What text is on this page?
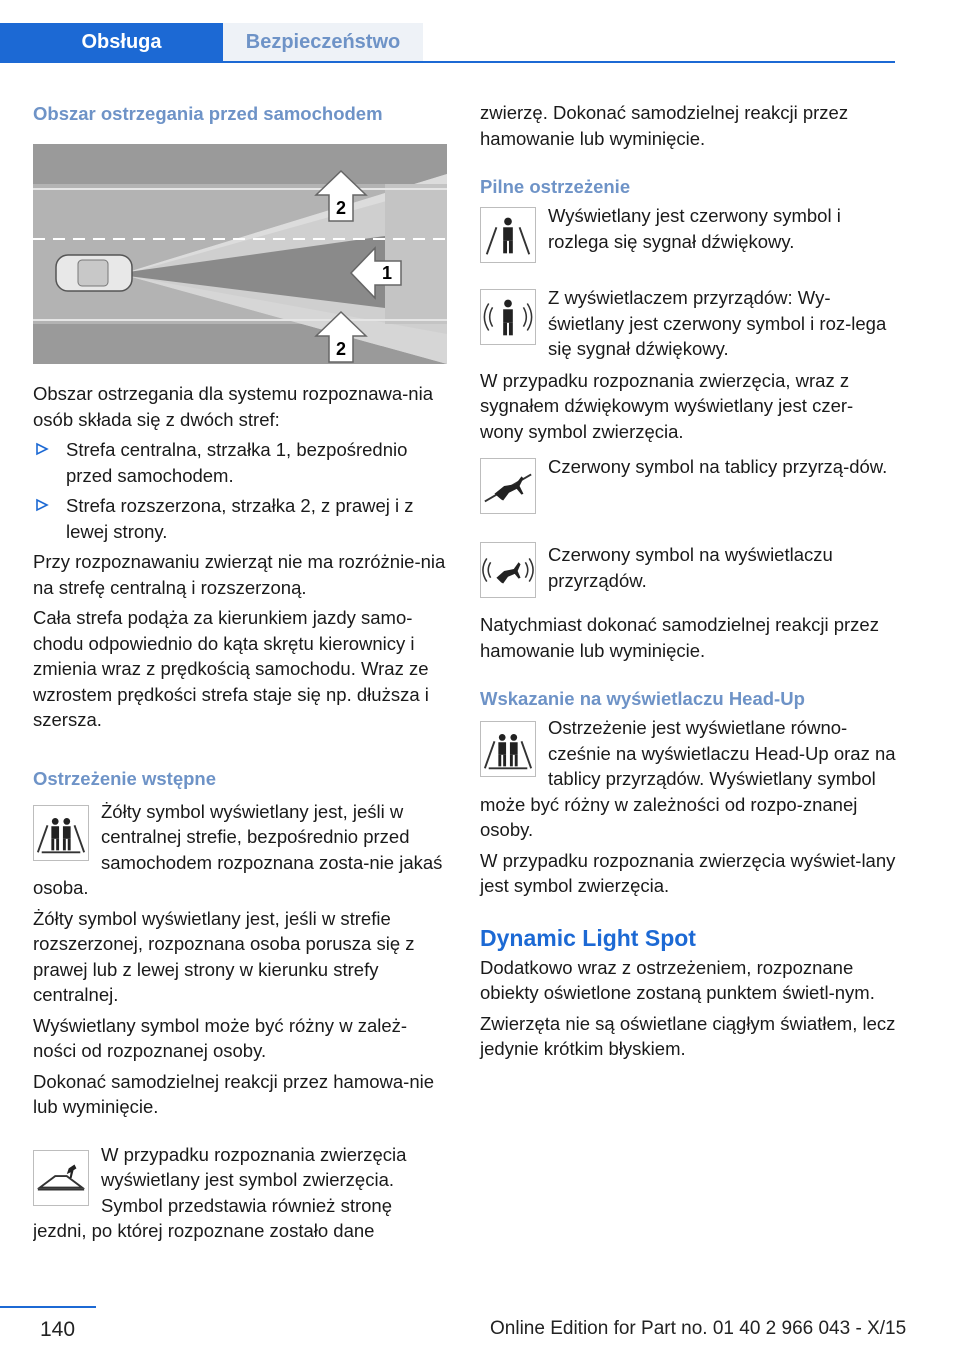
Obsługa	Bezpieczeństwo
Obszar ostrzegania przed samochodem
1
2
2

Obszar ostrzegania dla systemu rozpoznawa-nia osób składa się z dwóch stref:

Strefa centralna, strzałka 1, bezpośrednio przed samochodem.
Strefa rozszerzona, strzałka 2, z prawej i z lewej strony.

Przy rozpoznawaniu zwierząt nie ma rozróżnie-nia na strefę centralną i rozszerzoną.

Cała strefa podąża za kierunkiem jazdy samo-chodu odpowiednio do kąta skrętu kierownicy i zmienia wraz z prędkością samochodu. Wraz ze wzrostem prędkości strefa staje się np. dłuższa i szersza.

Ostrzeżenie wstępne

Żółty symbol wyświetlany jest, jeśli w centralnej strefie, bezpośrednio przed samochodem rozpoznana zosta-nie jakaś osoba.

Żółty symbol wyświetlany jest, jeśli w strefie rozszerzonej, rozpoznana osoba porusza się z prawej lub z lewej strony w kierunku strefy centralnej.

Wyświetlany symbol może być różny w zależ-ności od rozpoznanej osoby.

Dokonać samodzielnej reakcji przez hamowa-nie lub wyminięcie.

W przypadku rozpoznania zwierzęcia wyświetlany jest symbol zwierzęcia. Symbol przedstawia również stronę jezdni, po której rozpoznane zostało dane

zwierzę. Dokonać samodzielnej reakcji przez hamowanie lub wyminięcie.

Pilne ostrzeżenie

Wyświetlany jest czerwony symbol i rozlega się sygnał dźwiękowy.

Z wyświetlaczem przyrządów: Wy-świetlany jest czerwony symbol i roz-lega się sygnał dźwiękowy.

W przypadku rozpoznania zwierzęcia, wraz z sygnałem dźwiękowym wyświetlany jest czer-wony symbol zwierzęcia.

Czerwony symbol na tablicy przyrzą-dów.

Czerwony symbol na wyświetlaczu przyrządów.

Natychmiast dokonać samodzielnej reakcji przez hamowanie lub wyminięcie.

Wskazanie na wyświetlaczu Head-Up

Ostrzeżenie jest wyświetlane równo-cześnie na wyświetlaczu Head-Up oraz na tablicy przyrządów. Wyświetlany symbol może być różny w zależności od rozpo-znanej osoby.

W przypadku rozpoznania zwierzęcia wyświet-lany jest symbol zwierzęcia.

Dynamic Light Spot

Dodatkowo wraz z ostrzeżeniem, rozpoznane obiekty oświetlone zostaną punktem świetl-nym.

Zwierzęta nie są oświetlane ciągłym światłem, lecz jedynie krótkim błyskiem.

140	Online Edition for Part no. 01 40 2 966 043 - X/15
